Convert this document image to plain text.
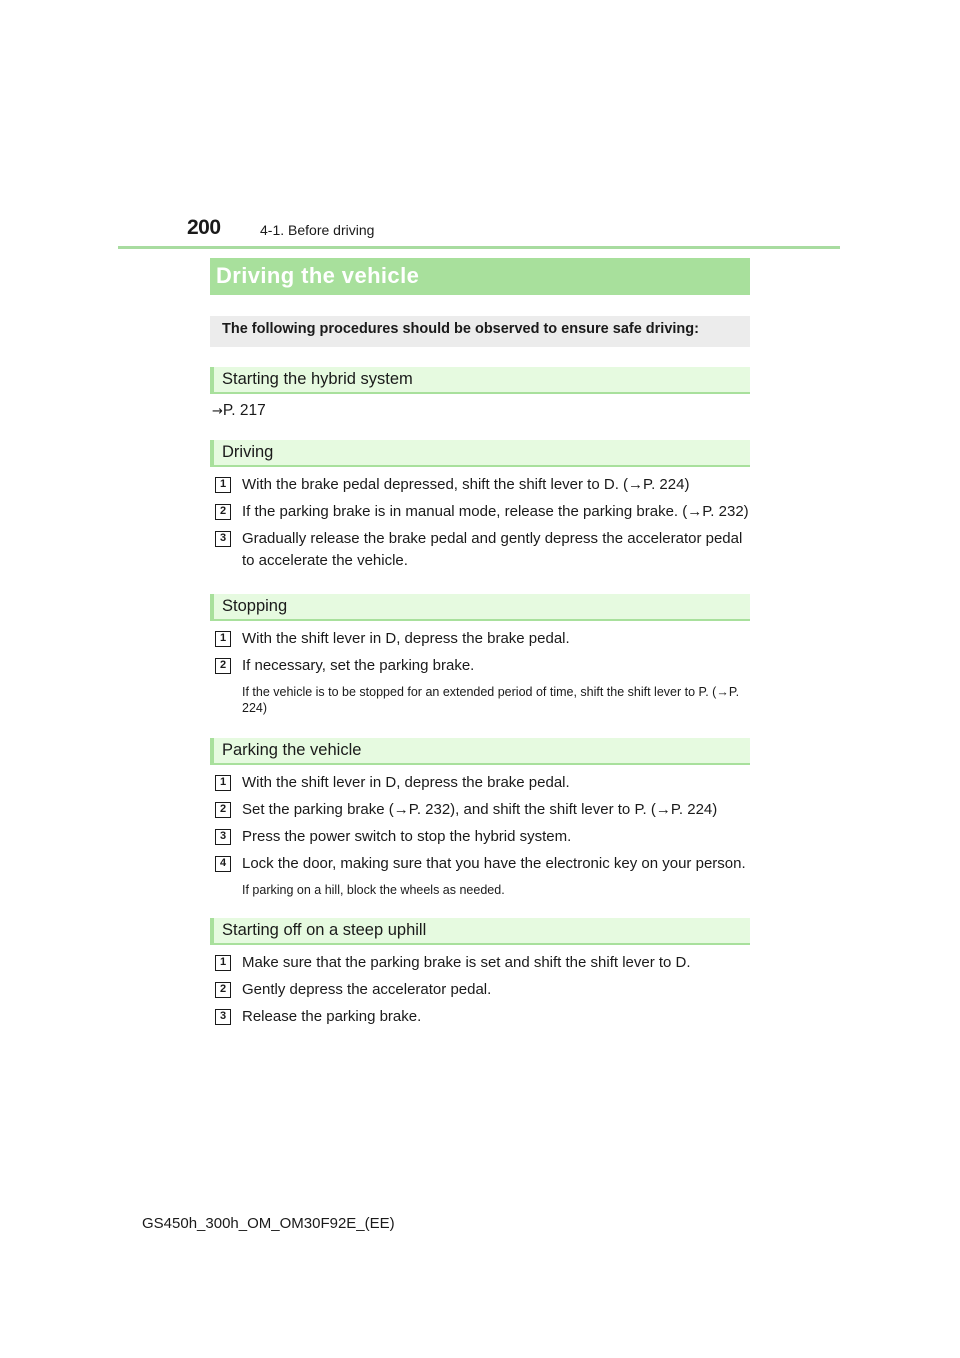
200	4-1. Before driving
Driving the vehicle
The following procedures should be observed to ensure safe driving:
Starting the hybrid system
→P. 217
Driving
1	With the brake pedal depressed, shift the shift lever to D. (→P. 224)
2	If the parking brake is in manual mode, release the parking brake. (→P. 232)
3	Gradually release the brake pedal and gently depress the accelerator pedal to accelerate the vehicle.
Stopping
1	With the shift lever in D, depress the brake pedal.
2	If necessary, set the parking brake.
If the vehicle is to be stopped for an extended period of time, shift the shift lever to P. (→P. 224)
Parking the vehicle
1	With the shift lever in D, depress the brake pedal.
2	Set the parking brake (→P. 232), and shift the shift lever to P. (→P. 224)
3	Press the power switch to stop the hybrid system.
4	Lock the door, making sure that you have the electronic key on your person.
If parking on a hill, block the wheels as needed.
Starting off on a steep uphill
1	Make sure that the parking brake is set and shift the shift lever to D.
2	Gently depress the accelerator pedal.
3	Release the parking brake.
GS450h_300h_OM_OM30F92E_(EE)
